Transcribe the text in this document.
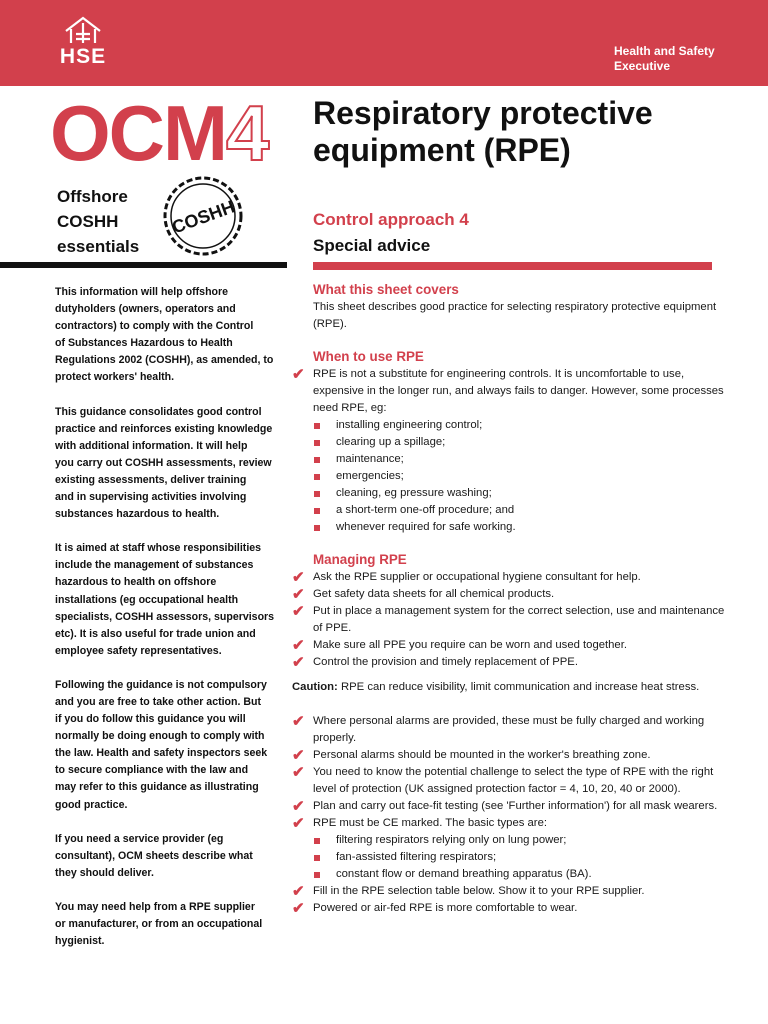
HSE	Health and Safety
Executive
OCM4
Offshore
COSHH
essentials
COSHH
Respiratory protective
equipment (RPE)
Control approach 4
Special advice

This information will help offshore
dutyholders (owners, operators and
contractors) to comply with the Control
of Substances Hazardous to Health
Regulations 2002 (COSHH), as amended, to
protect workers' health.

This guidance consolidates good control
practice and reinforces existing knowledge
with additional information. It will help
you carry out COSHH assessments, review
existing assessments, deliver training
and in supervising activities involving
substances hazardous to health.

It is aimed at staff whose responsibilities
include the management of substances
hazardous to health on offshore
installations (eg occupational health
specialists, COSHH assessors, supervisors
etc). It is also useful for trade union and
employee safety representatives.

Following the guidance is not compulsory
and you are free to take other action. But
if you do follow this guidance you will
normally be doing enough to comply with
the law. Health and safety inspectors seek
to secure compliance with the law and
may refer to this guidance as illustrating
good practice.

If you need a service provider (eg
consultant), OCM sheets describe what
they should deliver.

You may need help from a RPE supplier
or manufacturer, or from an occupational
hygienist.

What this sheet covers

This sheet describes good practice for selecting respiratory protective equipment (RPE).

When to use RPE
✔ RPE is not a substitute for engineering controls. It is uncomfortable to use, expensive in the longer run, and always fails to danger. However, some processes need RPE, eg:
installing engineering control;
clearing up a spillage;
maintenance;
emergencies;
cleaning, eg pressure washing;
a short-term one-off procedure; and
whenever required for safe working.
Managing RPE
✔ Ask the RPE supplier or occupational hygiene consultant for help.
✔ Get safety data sheets for all chemical products.
✔ Put in place a management system for the correct selection, use and maintenance of PPE.
✔ Make sure all PPE you require can be worn and used together.
✔ Control the provision and timely replacement of PPE.
Caution: RPE can reduce visibility, limit communication and increase heat stress.
✔ Where personal alarms are provided, these must be fully charged and working properly.
✔ Personal alarms should be mounted in the worker's breathing zone.
✔ You need to know the potential challenge to select the type of RPE with the right level of protection (UK assigned protection factor = 4, 10, 20, 40 or 2000).
✔ Plan and carry out face-fit testing (see 'Further information') for all mask wearers.
✔ RPE must be CE marked. The basic types are:
filtering respirators relying only on lung power;
fan-assisted filtering respirators;
constant flow or demand breathing apparatus (BA).
✔ Fill in the RPE selection table below. Show it to your RPE supplier.
✔ Powered or air-fed RPE is more comfortable to wear.
